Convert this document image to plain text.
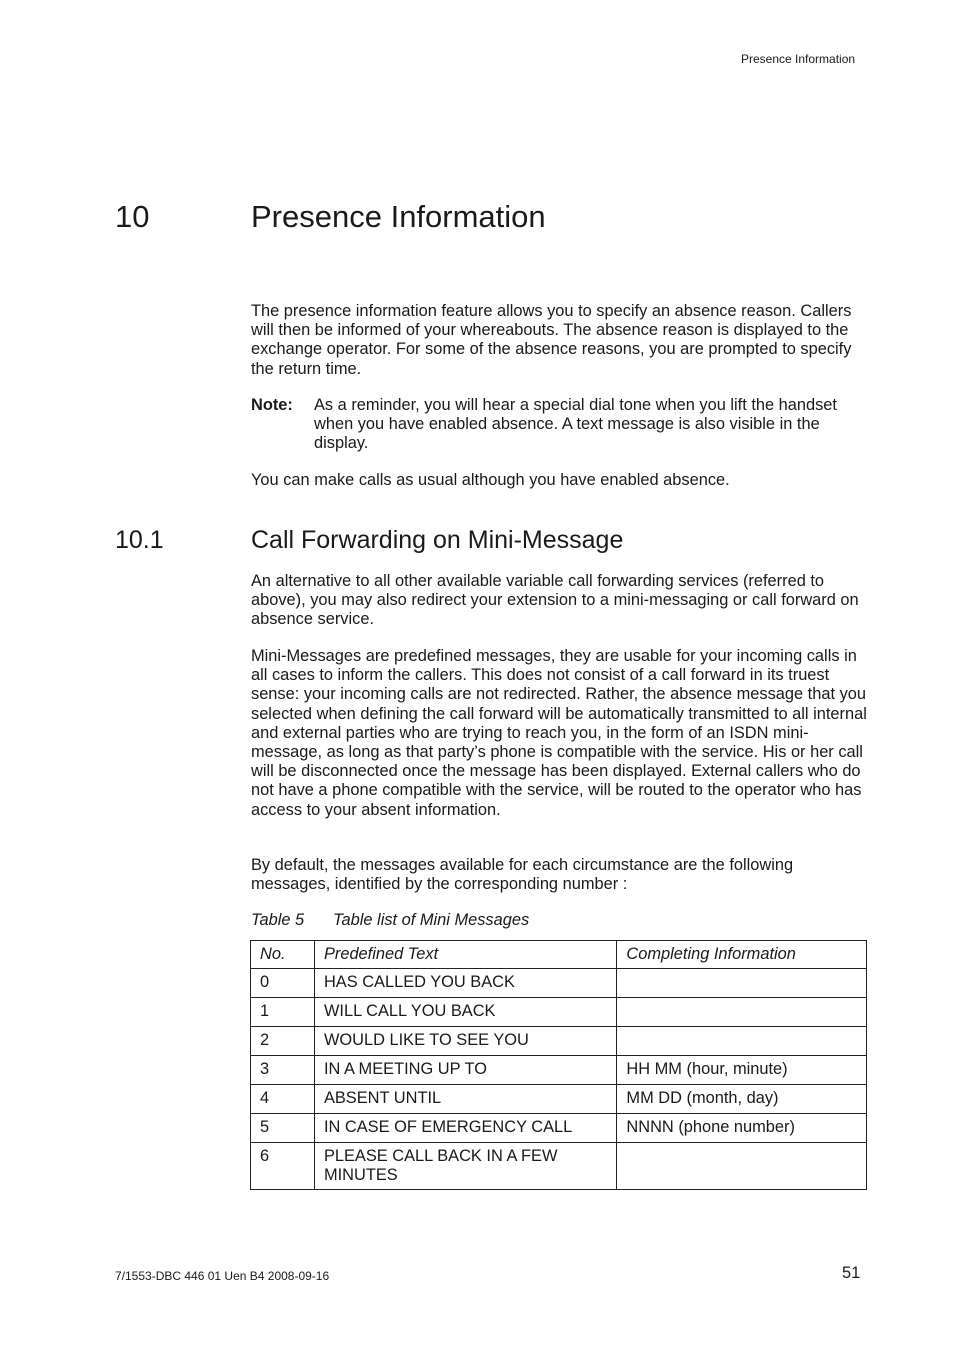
Presence Information
10	Presence Information

The presence information feature allows you to specify an absence reason. Callers will then be informed of your whereabouts. The absence reason is displayed to the exchange operator. For some of the absence reasons, you are prompted to specify the return time.

Note: As a reminder, you will hear a special dial tone when you lift the handset when you have enabled absence. A text message is also visible in the display.

You can make calls as usual although you have enabled absence.

10.1	Call Forwarding on Mini-Message

An alternative to all other available variable call forwarding services (referred to above), you may also redirect your extension to a mini-messaging or call forward on absence service.

Mini-Messages are predefined messages, they are usable for your incoming calls in all cases to inform the callers. This does not consist of a call forward in its truest sense: your incoming calls are not redirected. Rather, the absence message that you selected when defining the call forward will be automatically transmitted to all internal and external parties who are trying to reach you, in the form of an ISDN mini-message, as long as that party’s phone is compatible with the service. His or her call will be disconnected once the message has been displayed. External callers who do not have a phone compatible with the service, will be routed to the operator who has access to your absent information.

By default, the messages available for each circumstance are the following messages, identified by the corresponding number :

Table 5 Table list of Mini Messages
No.	Predefined Text	Completing Information
0	HAS CALLED YOU BACK	
1	WILL CALL YOU BACK	
2	WOULD LIKE TO SEE YOU	
3	IN A MEETING UP TO	HH MM (hour, minute)
4	ABSENT UNTIL	MM DD (month, day)
5	IN CASE OF EMERGENCY CALL	NNNN (phone number)
6	PLEASE CALL BACK IN A FEW MINUTES	
7/1553-DBC 446 01 Uen B4 2008-09-16	51
